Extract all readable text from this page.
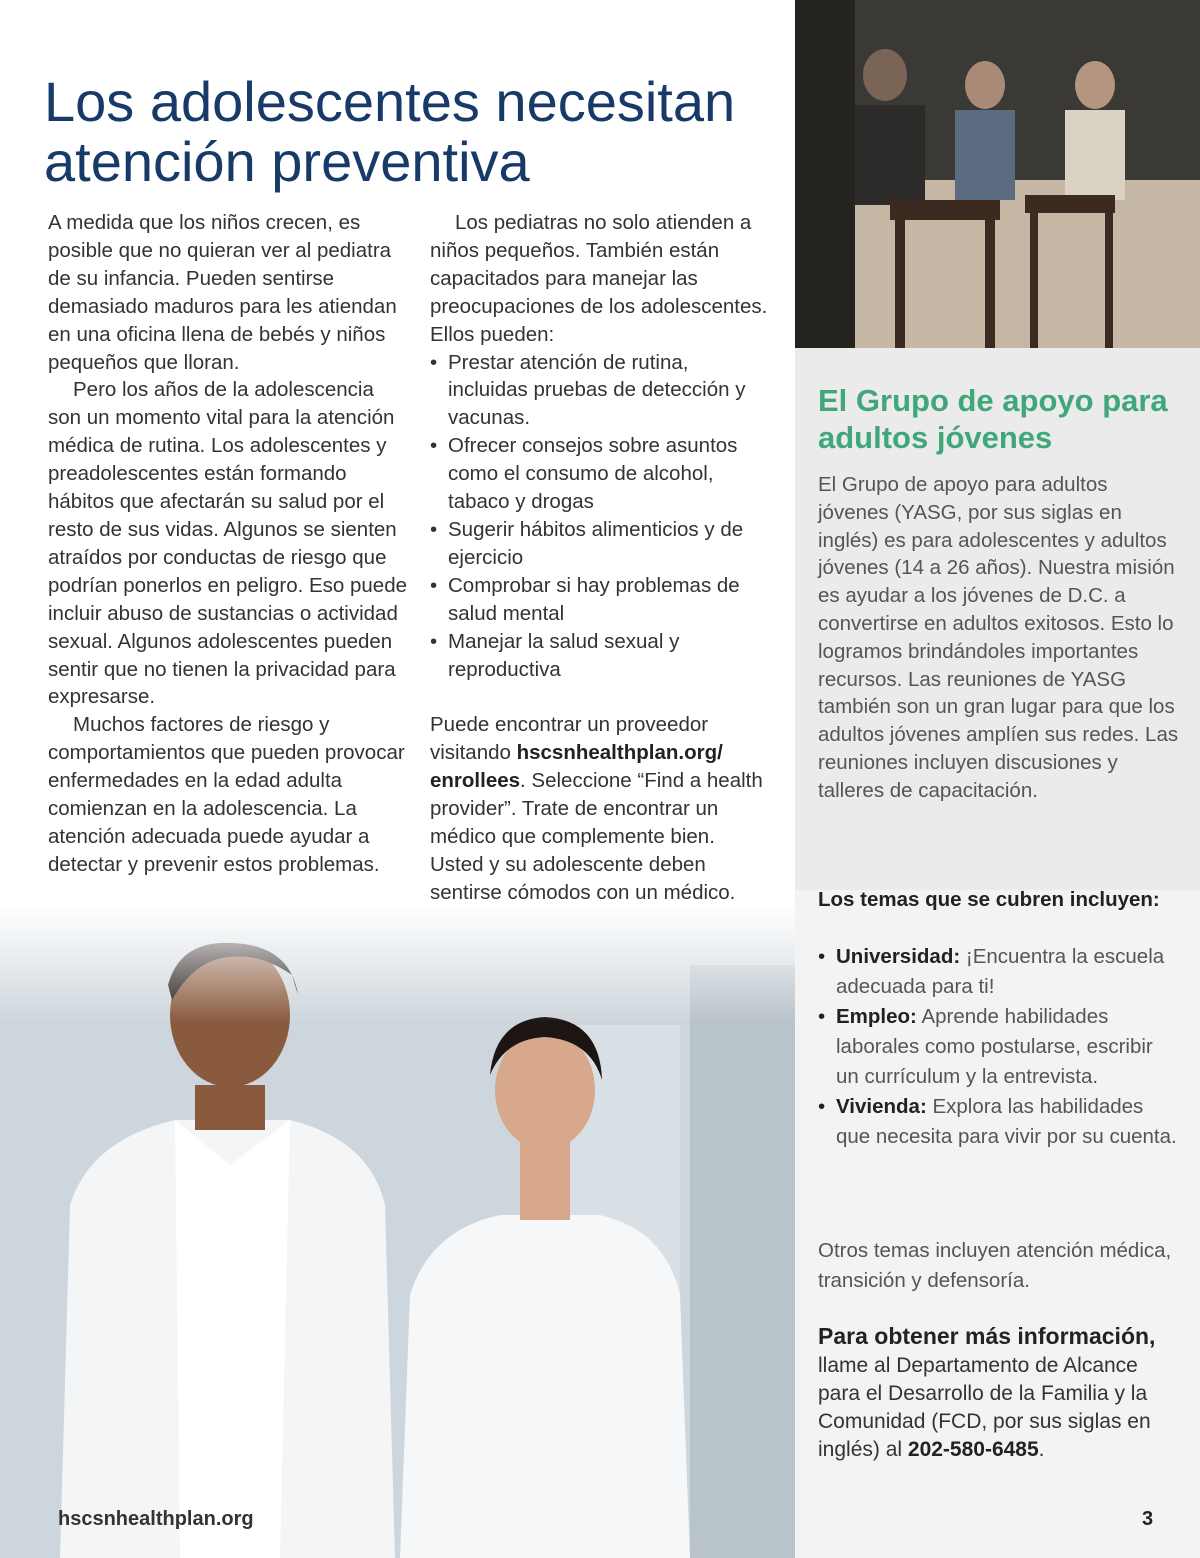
Los adolescentes necesitan atención preventiva

A medida que los niños crecen, es posible que no quieran ver al pediatra de su infancia. Pueden sentirse demasiado maduros para les atiendan en una oficina llena de bebés y niños pequeños que lloran.

Pero los años de la adolescencia son un momento vital para la atención médica de rutina. Los adolescentes y preadolescentes están formando hábitos que afectarán su salud por el resto de sus vidas. Algunos se sienten atraídos por conductas de riesgo que podrían ponerlos en peligro. Eso puede incluir abuso de sustancias o actividad sexual. Algunos adolescentes pueden sentir que no tienen la privacidad para expresarse.

Muchos factores de riesgo y comportamientos que pueden provocar enfermedades en la edad adulta comienzan en la adolescencia. La atención adecuada puede ayudar a detectar y prevenir estos problemas.

Los pediatras no solo atienden a niños pequeños. También están capacitados para manejar las preocupaciones de los adolescentes. Ellos pueden:

• Prestar atención de rutina, incluidas pruebas de detección y vacunas.
• Ofrecer consejos sobre asuntos como el consumo de alcohol, tabaco y drogas
• Sugerir hábitos alimenticios y de ejercicio
• Comprobar si hay problemas de salud mental
• Manejar la salud sexual y reproductiva

Puede encontrar un proveedor visitando hscsnhealthplan.org/ enrollees. Seleccione “Find a health provider”. Trate de encontrar un médico que complemente bien. Usted y su adolescente deben sentirse cómodos con un médico.

El Grupo de apoyo para adultos jóvenes

El Grupo de apoyo para adultos jóvenes (YASG, por sus siglas en inglés) es para adolescentes y adultos jóvenes (14 a 26 años). Nuestra misión es ayudar a los jóvenes de D.C. a convertirse en adultos exitosos. Esto lo logramos brindándoles importantes recursos. Las reuniones de YASG también son un gran lugar para que los adultos jóvenes amplíen sus redes. Las reuniones incluyen discusiones y talleres de capacitación.

Los temas que se cubren incluyen:

• Universidad: ¡Encuentra la escuela adecuada para ti!
• Empleo: Aprende habilidades laborales como postularse, escribir un currículum y la entrevista.
• Vivienda: Explora las habilidades que necesita para vivir por su cuenta.

Otros temas incluyen atención médica, transición y defensoría.

Para obtener más información, llame al Departamento de Alcance para el Desarrollo de la Familia y la Comunidad (FCD, por sus siglas en inglés) al 202-580-6485.

hscsnhealthplan.org	3
